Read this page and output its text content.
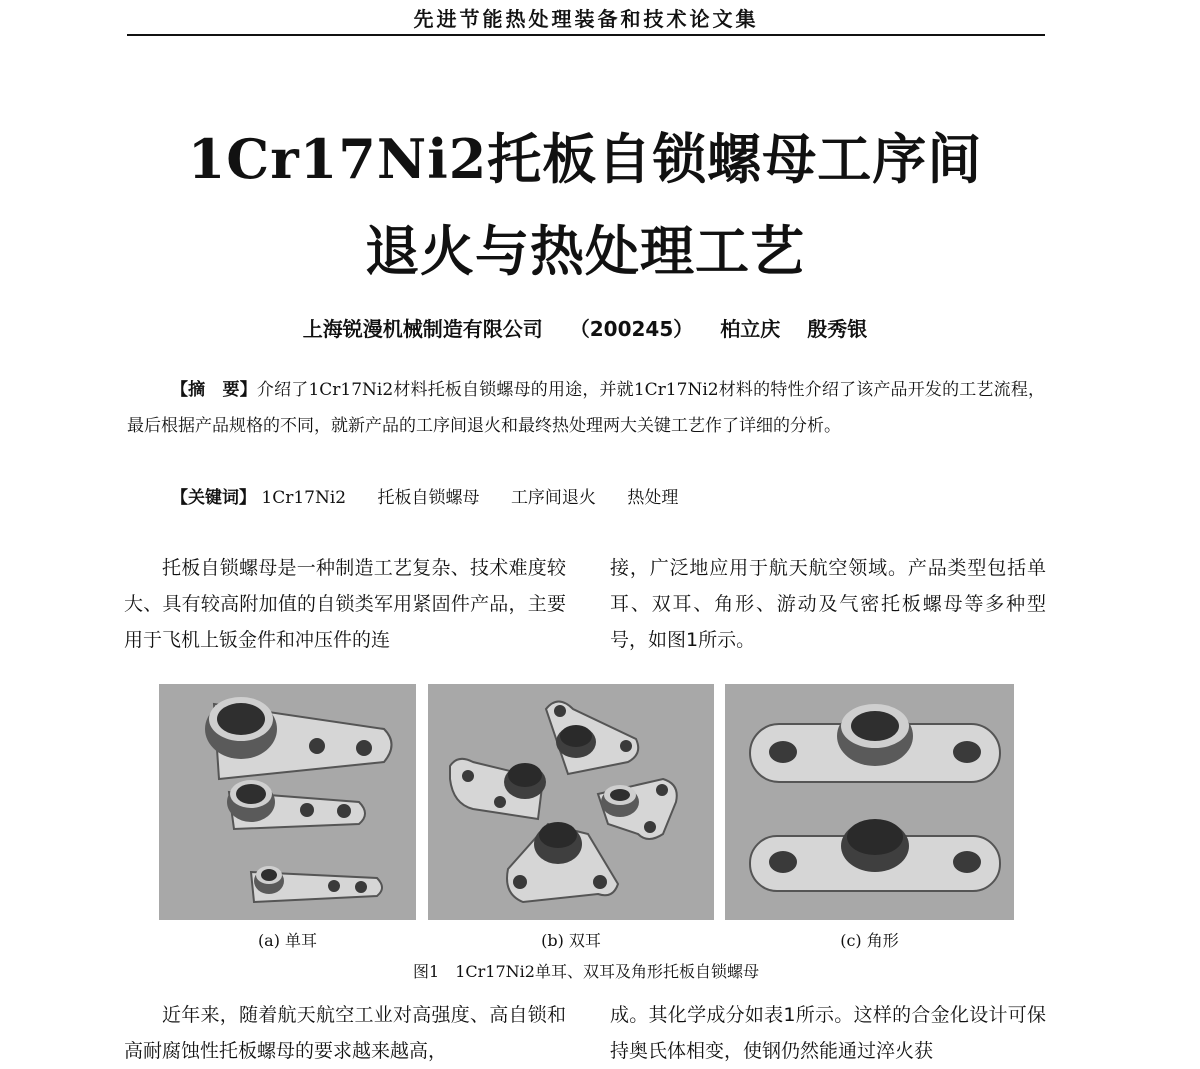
先进节能热处理装备和技术论文集
1Cr17Ni2托板自锁螺母工序间
退火与热处理工艺
上海锐漫机械制造有限公司 （200245） 柏立庆 殷秀银
【摘　要】介绍了1Cr17Ni2材料托板自锁螺母的用途，并就1Cr17Ni2材料的特性介绍了该产品开发的工艺流程，最后根据产品规格的不同，就新产品的工序间退火和最终热处理两大关键工艺作了详细的分析。
【关键词】 1Cr17Ni2 托板自锁螺母 工序间退火 热处理
托板自锁螺母是一种制造工艺复杂、技术难度较大、具有较高附加值的自锁类军用紧固件产品，主要用于飞机上钣金件和冲压件的连
接，广泛地应用于航天航空领域。产品类型包括单耳、双耳、角形、游动及气密托板螺母等多种型号，如图1所示。
(a) 单耳	(b) 双耳	(c) 角形
图1　1Cr17Ni2单耳、双耳及角形托板自锁螺母
近年来，随着航天航空工业对高强度、高自锁和高耐腐蚀性托板螺母的要求越来越高，
成。其化学成分如表1所示。这样的合金化设计可保持奥氏体相变，使钢仍然能通过淬火获
